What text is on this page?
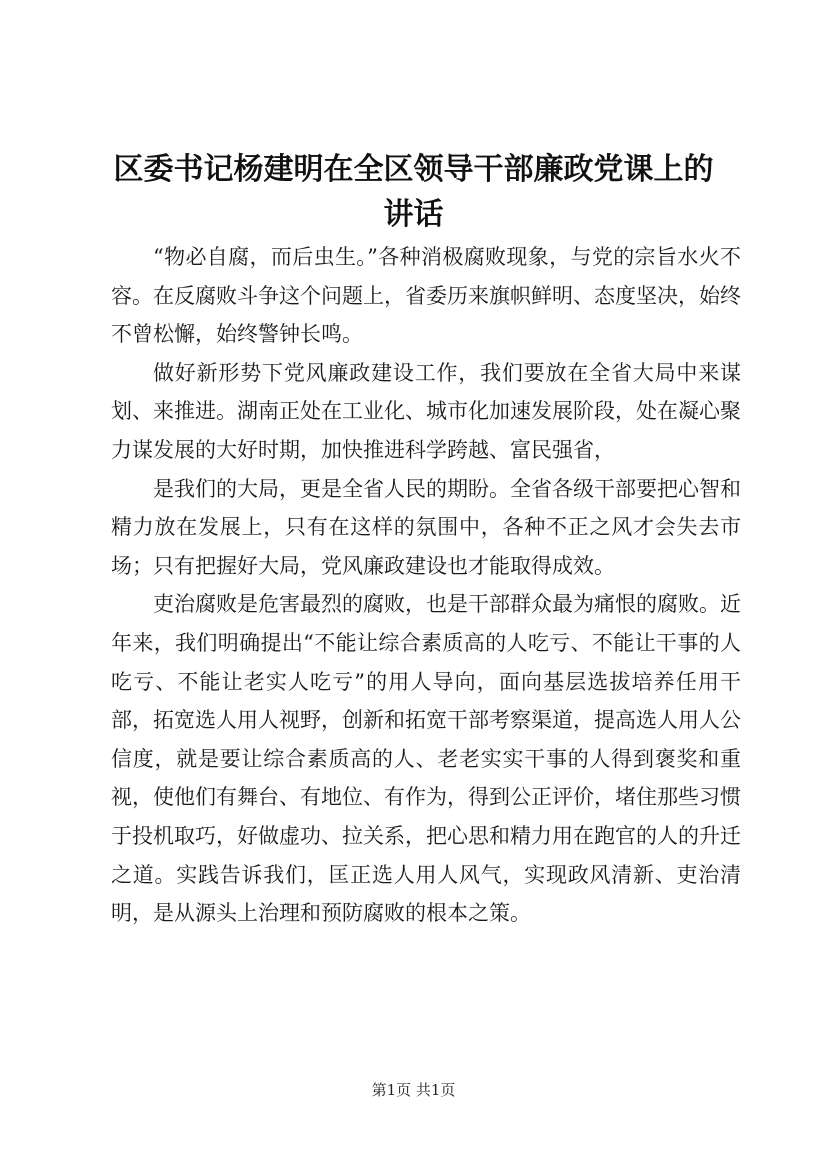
区委书记杨建明在全区领导干部廉政党课上的讲话

“物必自腐，而后虫生。”各种消极腐败现象，与党的宗旨水火不容。在反腐败斗争这个问题上，省委历来旗帜鲜明、态度坚决，始终不曾松懈，始终警钟长鸣。

做好新形势下党风廉政建设工作，我们要放在全省大局中来谋划、来推进。湖南正处在工业化、城市化加速发展阶段，处在凝心聚力谋发展的大好时期，加快推进科学跨越、富民强省，

是我们的大局，更是全省人民的期盼。全省各级干部要把心智和精力放在发展上，只有在这样的氛围中，各种不正之风才会失去市场；只有把握好大局，党风廉政建设也才能取得成效。

吏治腐败是危害最烈的腐败，也是干部群众最为痛恨的腐败。近年来，我们明确提出“不能让综合素质高的人吃亏、不能让干事的人吃亏、不能让老实人吃亏”的用人导向，面向基层选拔培养任用干部，拓宽选人用人视野，创新和拓宽干部考察渠道，提高选人用人公信度，就是要让综合素质高的人、老老实实干事的人得到褒奖和重视，使他们有舞台、有地位、有作为，得到公正评价，堵住那些习惯于投机取巧，好做虚功、拉关系，把心思和精力用在跑官的人的升迁之道。实践告诉我们，匡正选人用人风气，实现政风清新、吏治清明，是从源头上治理和预防腐败的根本之策。

第1页 共1页
